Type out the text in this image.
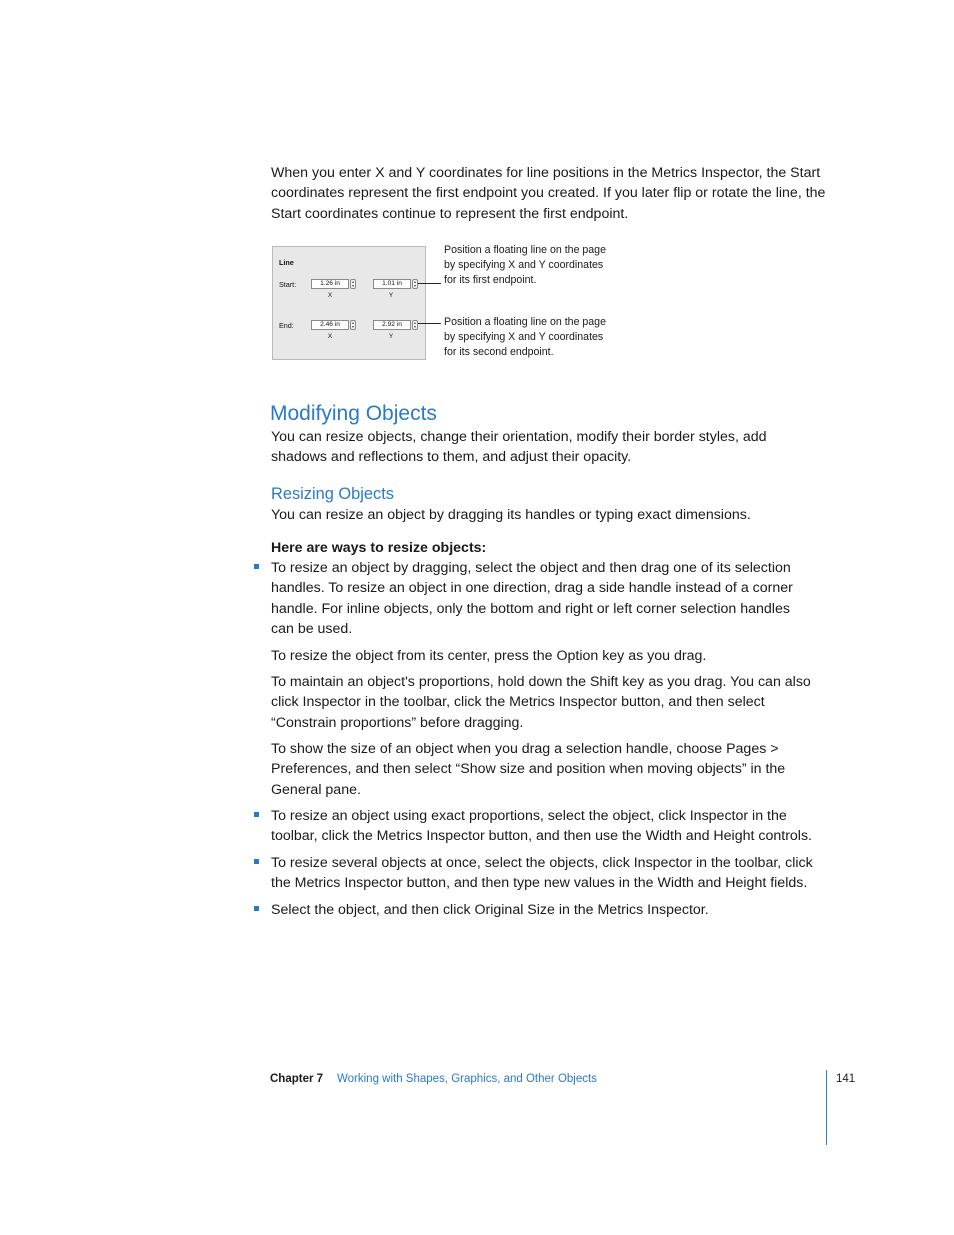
When you enter X and Y coordinates for line positions in the Metrics Inspector, the Start coordinates represent the first endpoint you created. If you later flip or rotate the line, the Start coordinates continue to represent the first endpoint.

Line
Start:	1.26 in
X
1.01 in
Y
End:	2.46 in
X
2.92 in
Y
Position a floating line on the page
by specifying X and Y coordinates
for its first endpoint.
Position a floating line on the page
by specifying X and Y coordinates
for its second endpoint.
Modifying Objects

You can resize objects, change their orientation, modify their border styles, add shadows and reflections to them, and adjust their opacity.

Resizing Objects

You can resize an object by dragging its handles or typing exact dimensions.

Here are ways to resize objects:

To resize an object by dragging, select the object and then drag one of its selection handles. To resize an object in one direction, drag a side handle instead of a corner handle. For inline objects, only the bottom and right or left corner selection handles can be used.

To resize the object from its center, press the Option key as you drag.

To maintain an object's proportions, hold down the Shift key as you drag. You can also click Inspector in the toolbar, click the Metrics Inspector button, and then select “Constrain proportions” before dragging.

To show the size of an object when you drag a selection handle, choose Pages > Preferences, and then select “Show size and position when moving objects” in the General pane.

To resize an object using exact proportions, select the object, click Inspector in the toolbar, click the Metrics Inspector button, and then use the Width and Height controls.

To resize several objects at once, select the objects, click Inspector in the toolbar, click the Metrics Inspector button, and then type new values in the Width and Height fields.

Select the object, and then click Original Size in the Metrics Inspector.

Chapter 7 Working with Shapes, Graphics, and Other Objects	141
